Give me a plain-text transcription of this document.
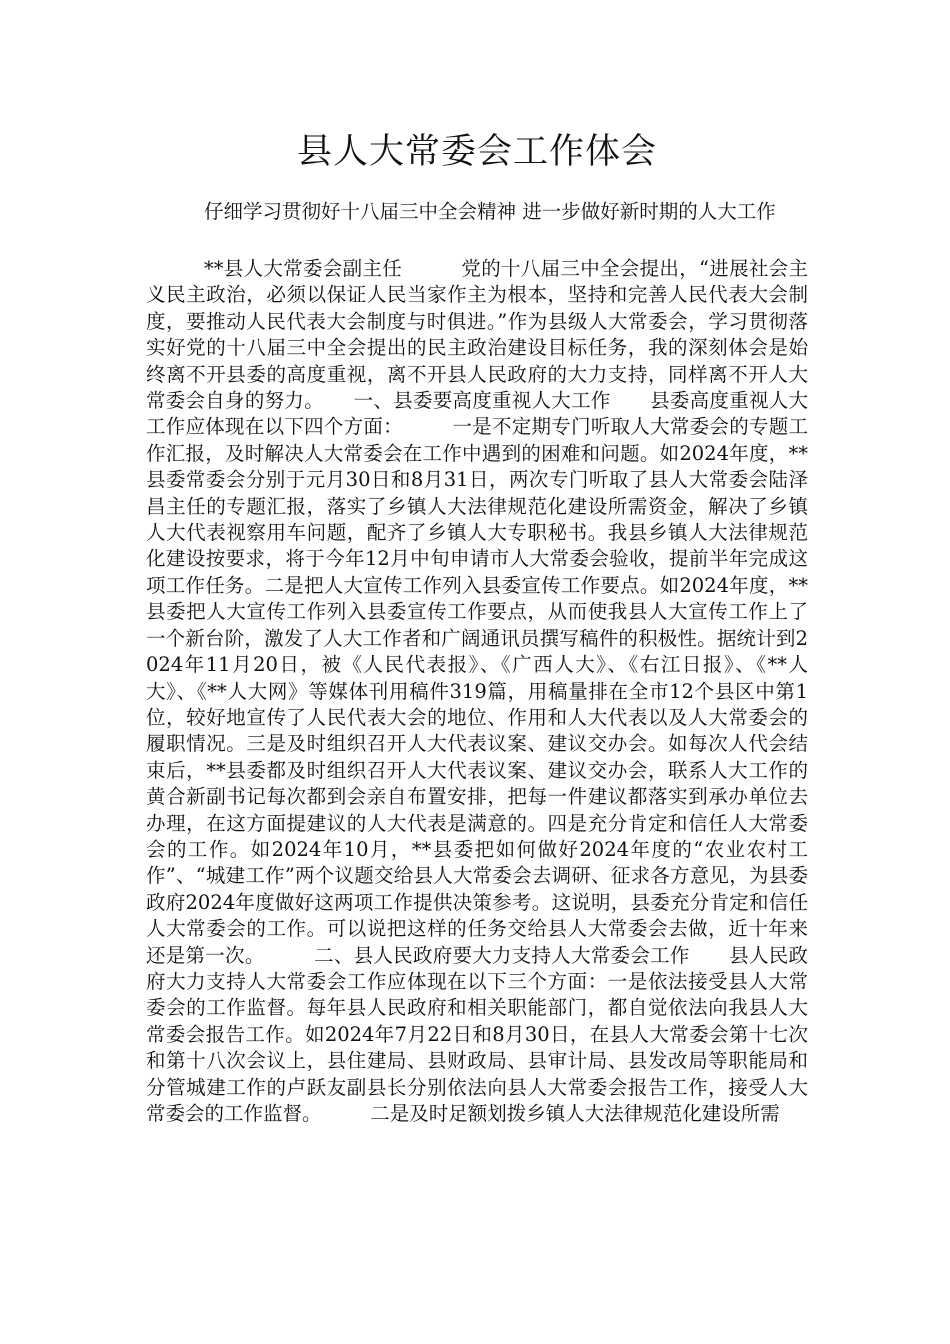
县人大常委会工作体会

仔细学习贯彻好十八届三中全会精神 进一步做好新时期的人大工作

**县人大常委会副主任　　　党的十八届三中全会提出，“进展社会主义民主政治，必须以保证人民当家作主为根本，坚持和完善人民代表大会制度，要推动人民代表大会制度与时俱进。”作为县级人大常委会，学习贯彻落实好党的十八届三中全会提出的民主政治建设目标任务，我的深刻体会是始终离不开县委的高度重视，离不开县人民政府的大力支持，同样离不开人大常委会自身的努力。　　一、县委要高度重视人大工作　　县委高度重视人大工作应体现在以下四个方面：　　　一是不定期专门听取人大常委会的专题工作汇报，及时解决人大常委会在工作中遇到的困难和问题。如2024年度，**县委常委会分别于元月30日和8月31日，两次专门听取了县人大常委会陆泽昌主任的专题汇报，落实了乡镇人大法律规范化建设所需资金，解决了乡镇人大代表视察用车问题，配齐了乡镇人大专职秘书。我县乡镇人大法律规范化建设按要求，将于今年12月中旬申请市人大常委会验收，提前半年完成这项工作任务。二是把人大宣传工作列入县委宣传工作要点。如2024年度，**县委把人大宣传工作列入县委宣传工作要点，从而使我县人大宣传工作上了一个新台阶，激发了人大工作者和广阔通讯员撰写稿件的积极性。据统计到2024年11月20日，被《人民代表报》、《广西人大》、《右江日报》、《**人大》、《**人大网》等媒体刊用稿件319篇，用稿量排在全市12个县区中第1位，较好地宣传了人民代表大会的地位、作用和人大代表以及人大常委会的履职情况。三是及时组织召开人大代表议案、建议交办会。如每次人代会结束后，**县委都及时组织召开人大代表议案、建议交办会，联系人大工作的黄合新副书记每次都到会亲自布置安排，把每一件建议都落实到承办单位去办理，在这方面提建议的人大代表是满意的。四是充分肯定和信任人大常委会的工作。如2024年10月，**县委把如何做好2024年度的“农业农村工作”、“城建工作”两个议题交给县人大常委会去调研、征求各方意见，为县委政府2024年度做好这两项工作提供决策参考。这说明，县委充分肯定和信任人大常委会的工作。可以说把这样的任务交给县人大常委会去做，近十年来还是第一次。　　　二、县人民政府要大力支持人大常委会工作　　县人民政府大力支持人大常委会工作应体现在以下三个方面：一是依法接受县人大常委会的工作监督。每年县人民政府和相关职能部门，都自觉依法向我县人大常委会报告工作。如2024年7月22日和8月30日，在县人大常委会第十七次和第十八次会议上，县住建局、县财政局、县审计局、县发改局等职能局和分管城建工作的卢跃友副县长分别依法向县人大常委会报告工作，接受人大常委会的工作监督。　　　二是及时足额划拨乡镇人大法律规范化建设所需
